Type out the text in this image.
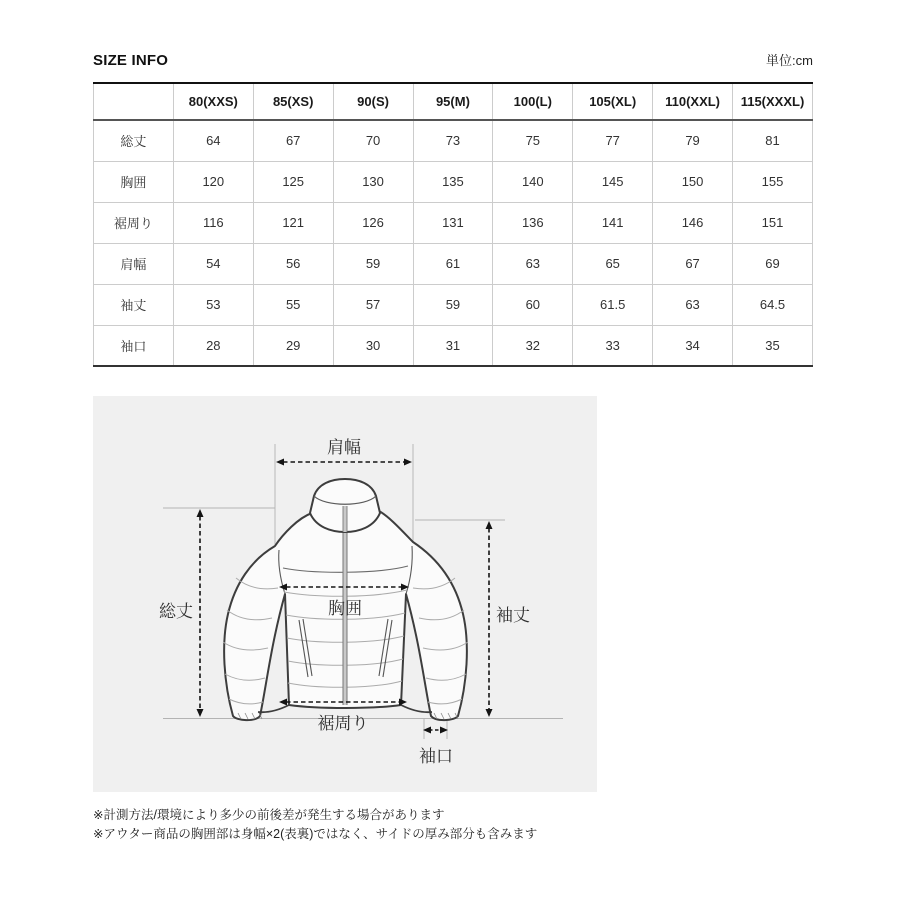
SIZE INFO	単位:cm
	80(XXS)	85(XS)	90(S)	95(M)	100(L)	105(XL)	110(XXL)	115(XXXL)
総丈	64	67	70	73	75	77	79	81
胸囲	120	125	130	135	140	145	150	155
裾周り	116	121	126	131	136	141	146	151
肩幅	54	56	59	61	63	65	67	69
袖丈	53	55	57	59	60	61.5	63	64.5
袖口	28	29	30	31	32	33	34	35
肩幅
総丈	胸囲	袖丈
裾周り
袖口
※計測方法/環境により多少の前後差が発生する場合があります
※アウター商品の胸囲部は身幅×2(表裏)ではなく、サイドの厚み部分も含みます
